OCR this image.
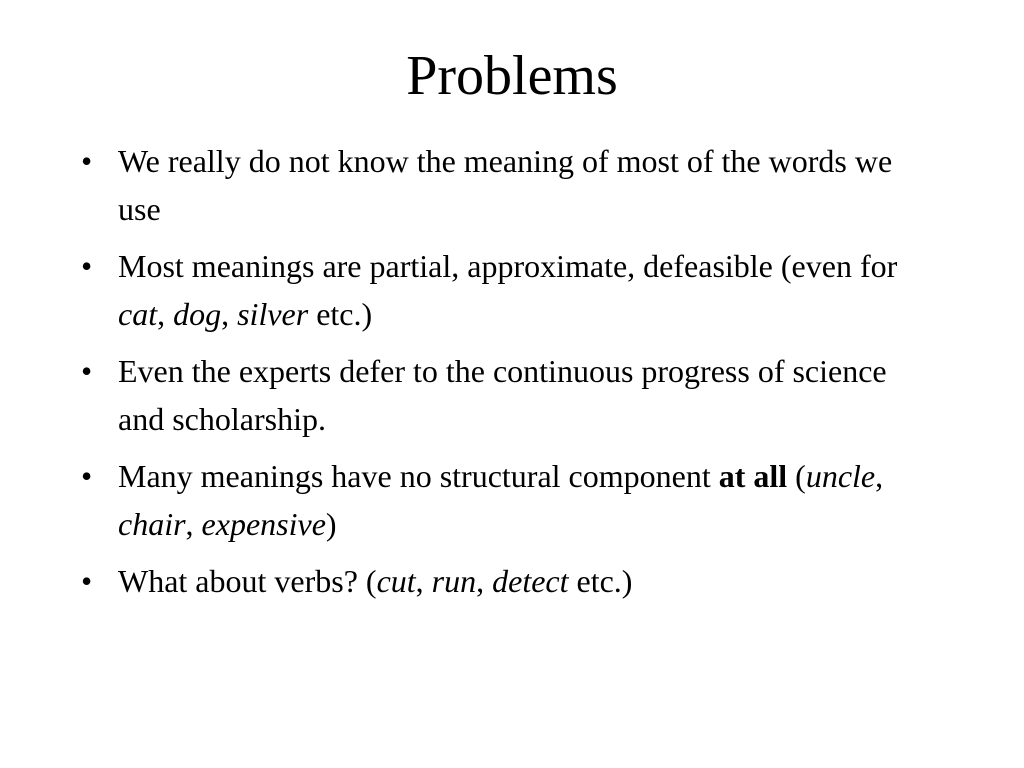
Problems
• We really do not know the meaning of most of the words we use
• Most meanings are partial, approximate, defeasible (even for cat, dog, silver etc.)
• Even the experts defer to the continuous progress of science and scholarship.
• Many meanings have no structural component at all (uncle, chair, expensive)
• What about verbs? (cut, run, detect etc.)
